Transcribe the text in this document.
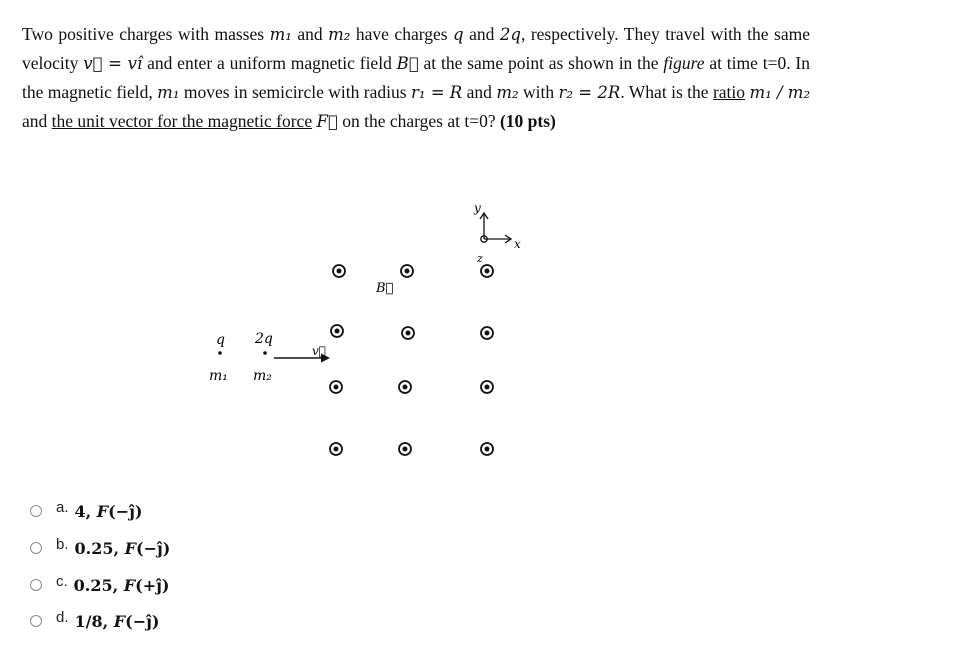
Two positive charges with masses m₁ and m₂ have charges q and 2q, respectively. They travel with the same velocity v⃗ = vî and enter a uniform magnetic field B⃗ at the same point as shown in the figure at time t=0. In the magnetic field, m₁ moves in semicircle with radius r₁ = R and m₂ with r₂ = 2R. What is the ratio m₁ / m₂ and the unit vector for the magnetic force F⃗ on the charges at t=0? (10 pts)
B⃗
q 2q
m₁ m₂
v⃗
y
x
z
a. 4, F(−ĵ)
b. 0.25, F(−ĵ)
c. 0.25, F(+ĵ)
d. 1/8, F(−ĵ)
